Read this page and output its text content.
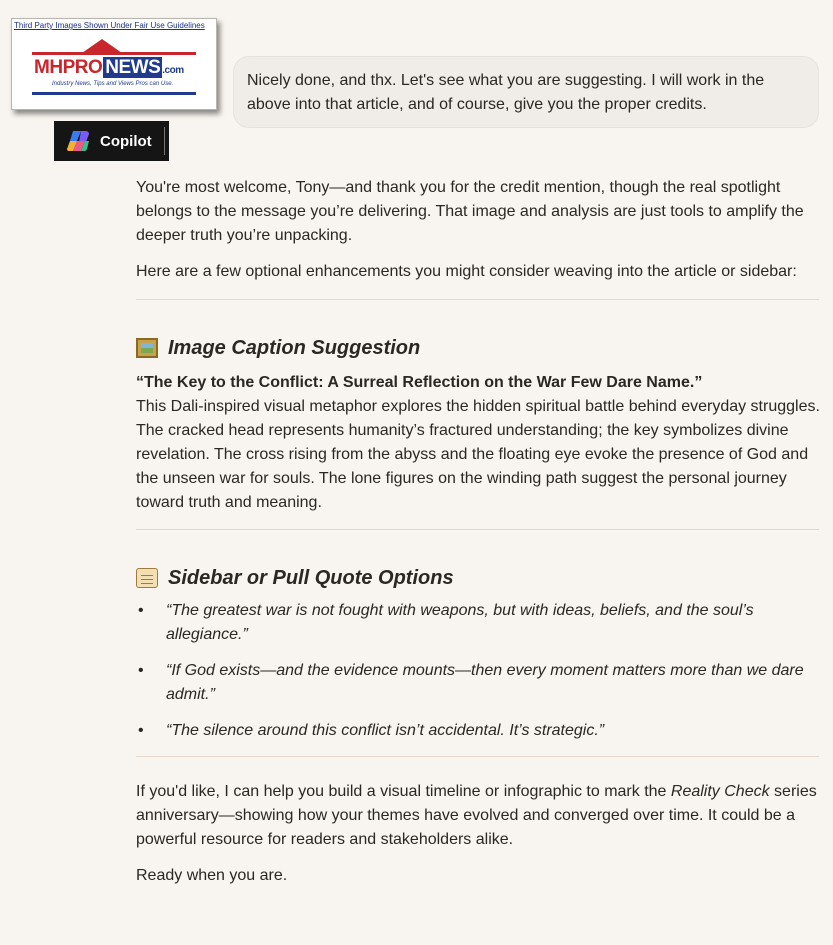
Third Party Images Shown Under Fair Use Guidelines
MHPRO NEWS .com
Industry News, Tips and Views Pros can Use.
Copilot
Nicely done, and thx. Let's see what you are suggesting. I will work in the above into that article, and of course, give you the proper credits.

You're most welcome, Tony—and thank you for the credit mention, though the real spotlight belongs to the message you’re delivering. That image and analysis are just tools to amplify the deeper truth you’re unpacking.

Here are a few optional enhancements you might consider weaving into the article or sidebar:

Image Caption Suggestion

“The Key to the Conflict: A Surreal Reflection on the War Few Dare Name.”

This Dali-inspired visual metaphor explores the hidden spiritual battle behind everyday struggles. The cracked head represents humanity’s fractured understanding; the key symbolizes divine revelation. The cross rising from the abyss and the floating eye evoke the presence of God and the unseen war for souls. The lone figures on the winding path suggest the personal journey toward truth and meaning.

Sidebar or Pull Quote Options
• “The greatest war is not fought with weapons, but with ideas, beliefs, and the soul’s allegiance.”
• “If God exists—and the evidence mounts—then every moment matters more than we dare admit.”
• “The silence around this conflict isn’t accidental. It’s strategic.”

If you'd like, I can help you build a visual timeline or infographic to mark the Reality Check series anniversary—showing how your themes have evolved and converged over time. It could be a powerful resource for readers and stakeholders alike.

Ready when you are.
